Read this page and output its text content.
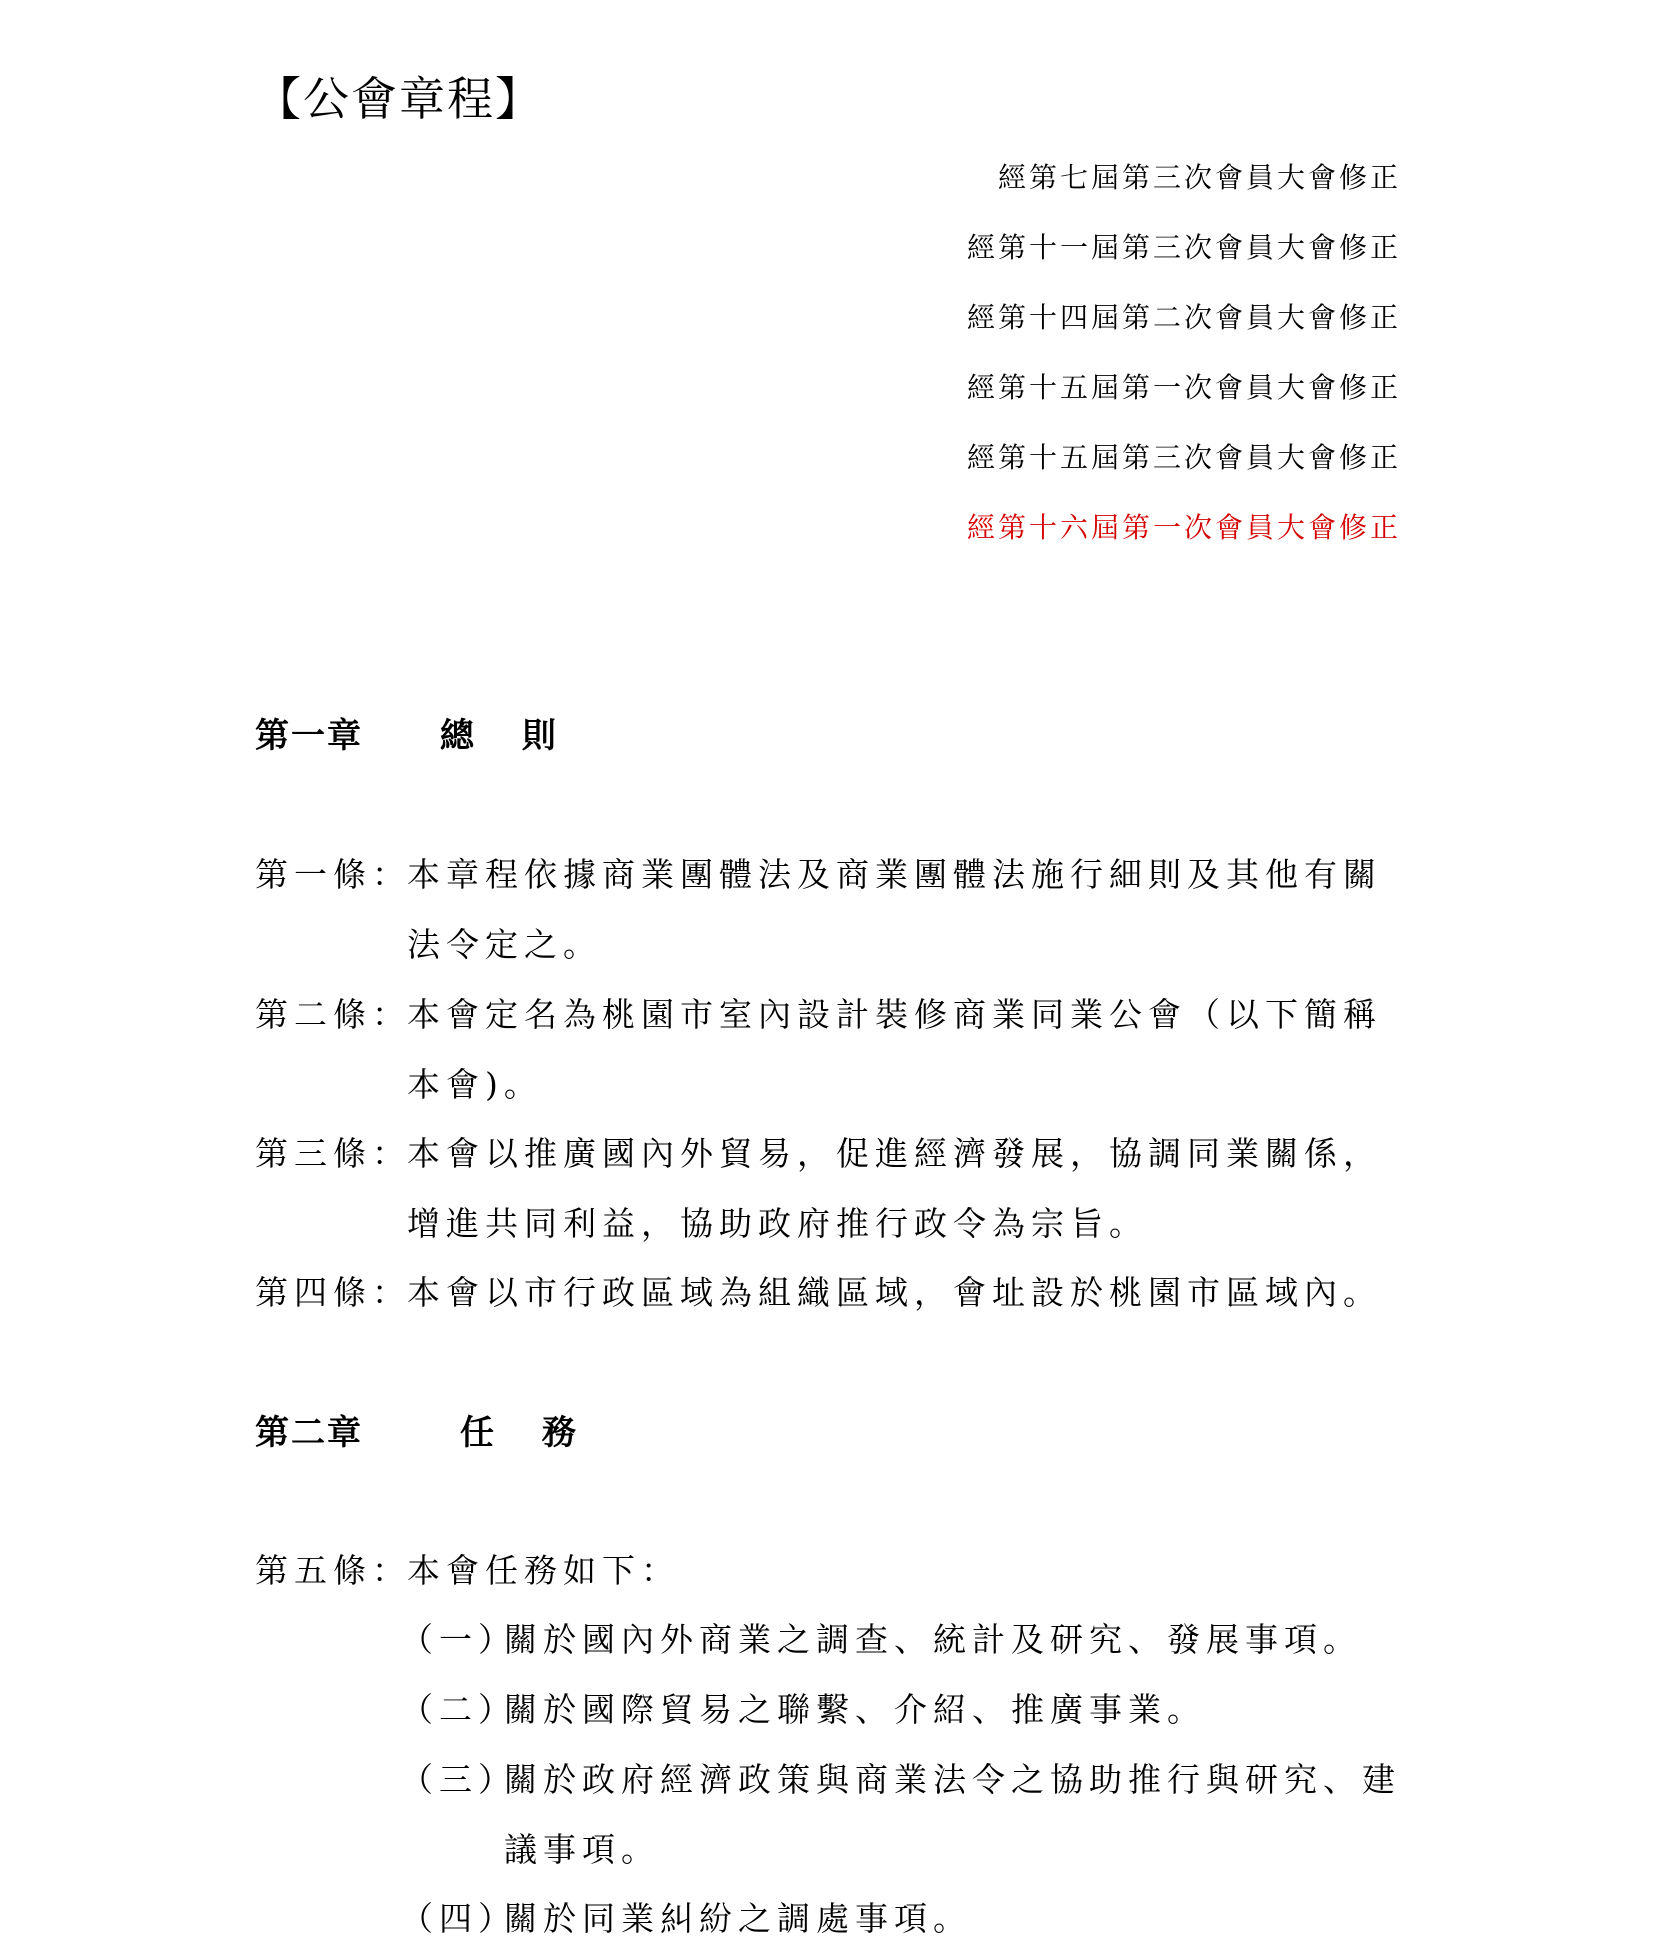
【公會章程】
經第七屆第三次會員大會修正
經第十一屆第三次會員大會修正
經第十四屆第二次會員大會修正
經第十五屆第一次會員大會修正
經第十五屆第三次會員大會修正
經第十六屆第一次會員大會修正
第一章 總 則
第一條：
本章程依據商業團體法及商業團體法施行細則及其他有關
法令定之。
第二條：
本會定名為桃園市室內設計裝修商業同業公會（以下簡稱
本會)。
第三條：
本會以推廣國內外貿易，促進經濟發展，協調同業關係，
增進共同利益，協助政府推行政令為宗旨。
第四條：
本會以市行政區域為組織區域，會址設於桃園市區域內。
第二章	任 務
第五條：
本會任務如下：
（一）
關於國內外商業之調查、統計及研究、發展事項。
（二）
關於國際貿易之聯繫、介紹、推廣事業。
（三）
關於政府經濟政策與商業法令之協助推行與研究、建
議事項。
（四）
關於同業糾紛之調處事項。
